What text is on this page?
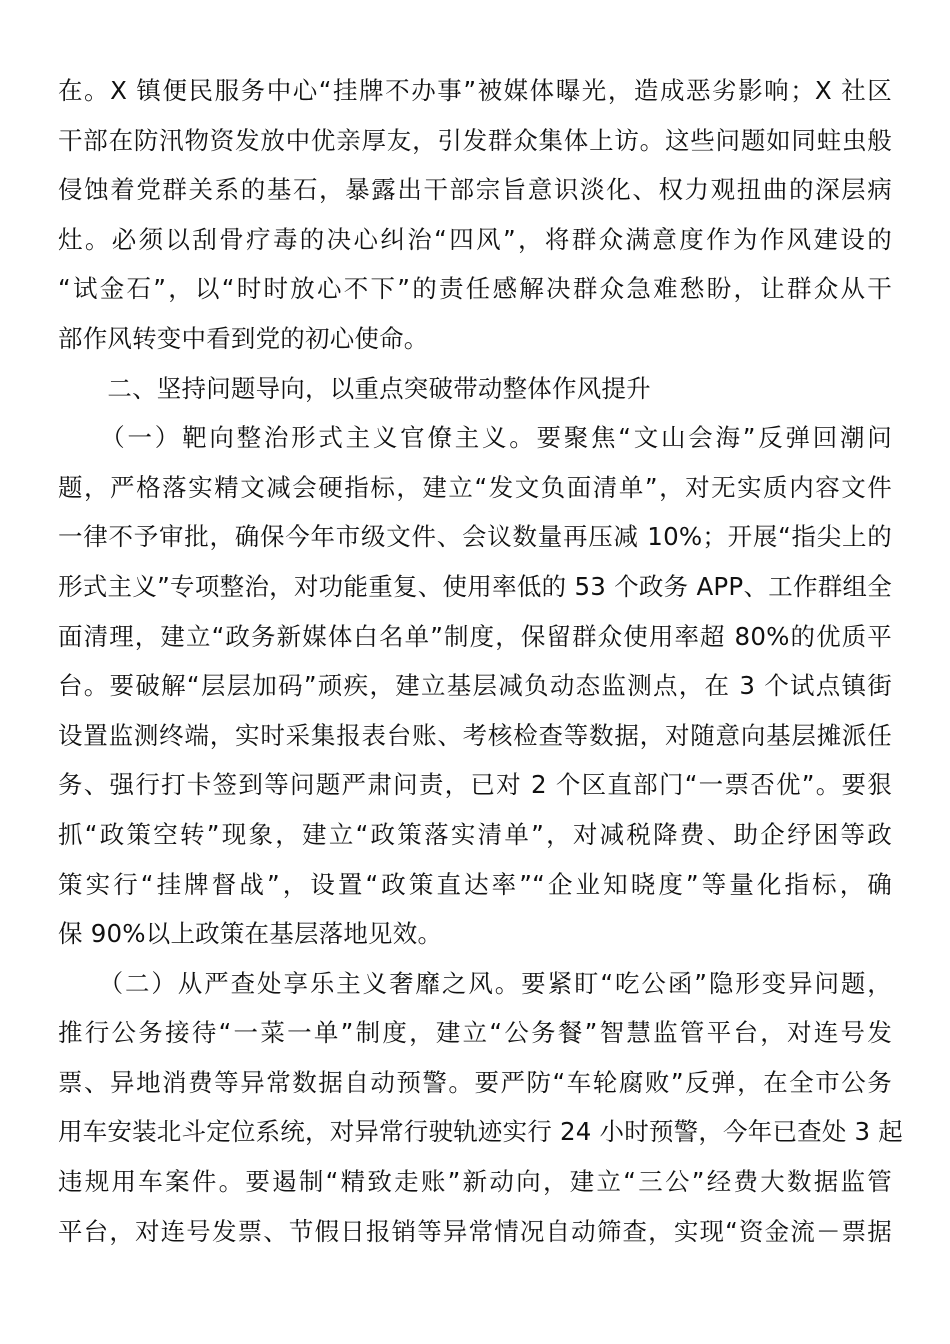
在。X 镇便民服务中心“挂牌不办事”被媒体曝光，造成恶劣影响；X 社区
干部在防汛物资发放中优亲厚友，引发群众集体上访。这些问题如同蛀虫般
侵蚀着党群关系的基石，暴露出干部宗旨意识淡化、权力观扭曲的深层病
灶。必须以刮骨疗毒的决心纠治“四风”，将群众满意度作为作风建设的
“试金石”，以“时时放心不下”的责任感解决群众急难愁盼，让群众从干
部作风转变中看到党的初心使命。
　　二、坚持问题导向，以重点突破带动整体作风提升
　　（一）靶向整治形式主义官僚主义。要聚焦“文山会海”反弹回潮问
题，严格落实精文减会硬指标，建立“发文负面清单”，对无实质内容文件
一律不予审批，确保今年市级文件、会议数量再压减 10%；开展“指尖上的
形式主义”专项整治，对功能重复、使用率低的 53 个政务 APP、工作群组全
面清理，建立“政务新媒体白名单”制度，保留群众使用率超 80%的优质平
台。要破解“层层加码”顽疾，建立基层减负动态监测点，在 3 个试点镇街
设置监测终端，实时采集报表台账、考核检查等数据，对随意向基层摊派任
务、强行打卡签到等问题严肃问责，已对 2 个区直部门“一票否优”。要狠
抓“政策空转”现象，建立“政策落实清单”，对减税降费、助企纾困等政
策实行“挂牌督战”，设置“政策直达率”“企业知晓度”等量化指标，确
保 90%以上政策在基层落地见效。
　　（二）从严查处享乐主义奢靡之风。要紧盯“吃公函”隐形变异问题，
推行公务接待“一菜一单”制度，建立“公务餐”智慧监管平台，对连号发
票、异地消费等异常数据自动预警。要严防“车轮腐败”反弹，在全市公务
用车安装北斗定位系统，对异常行驶轨迹实行 24 小时预警，今年已查处 3 起
违规用车案件。要遏制“精致走账”新动向，建立“三公”经费大数据监管
平台，对连号发票、节假日报销等异常情况自动筛查，实现“资金流－票据
